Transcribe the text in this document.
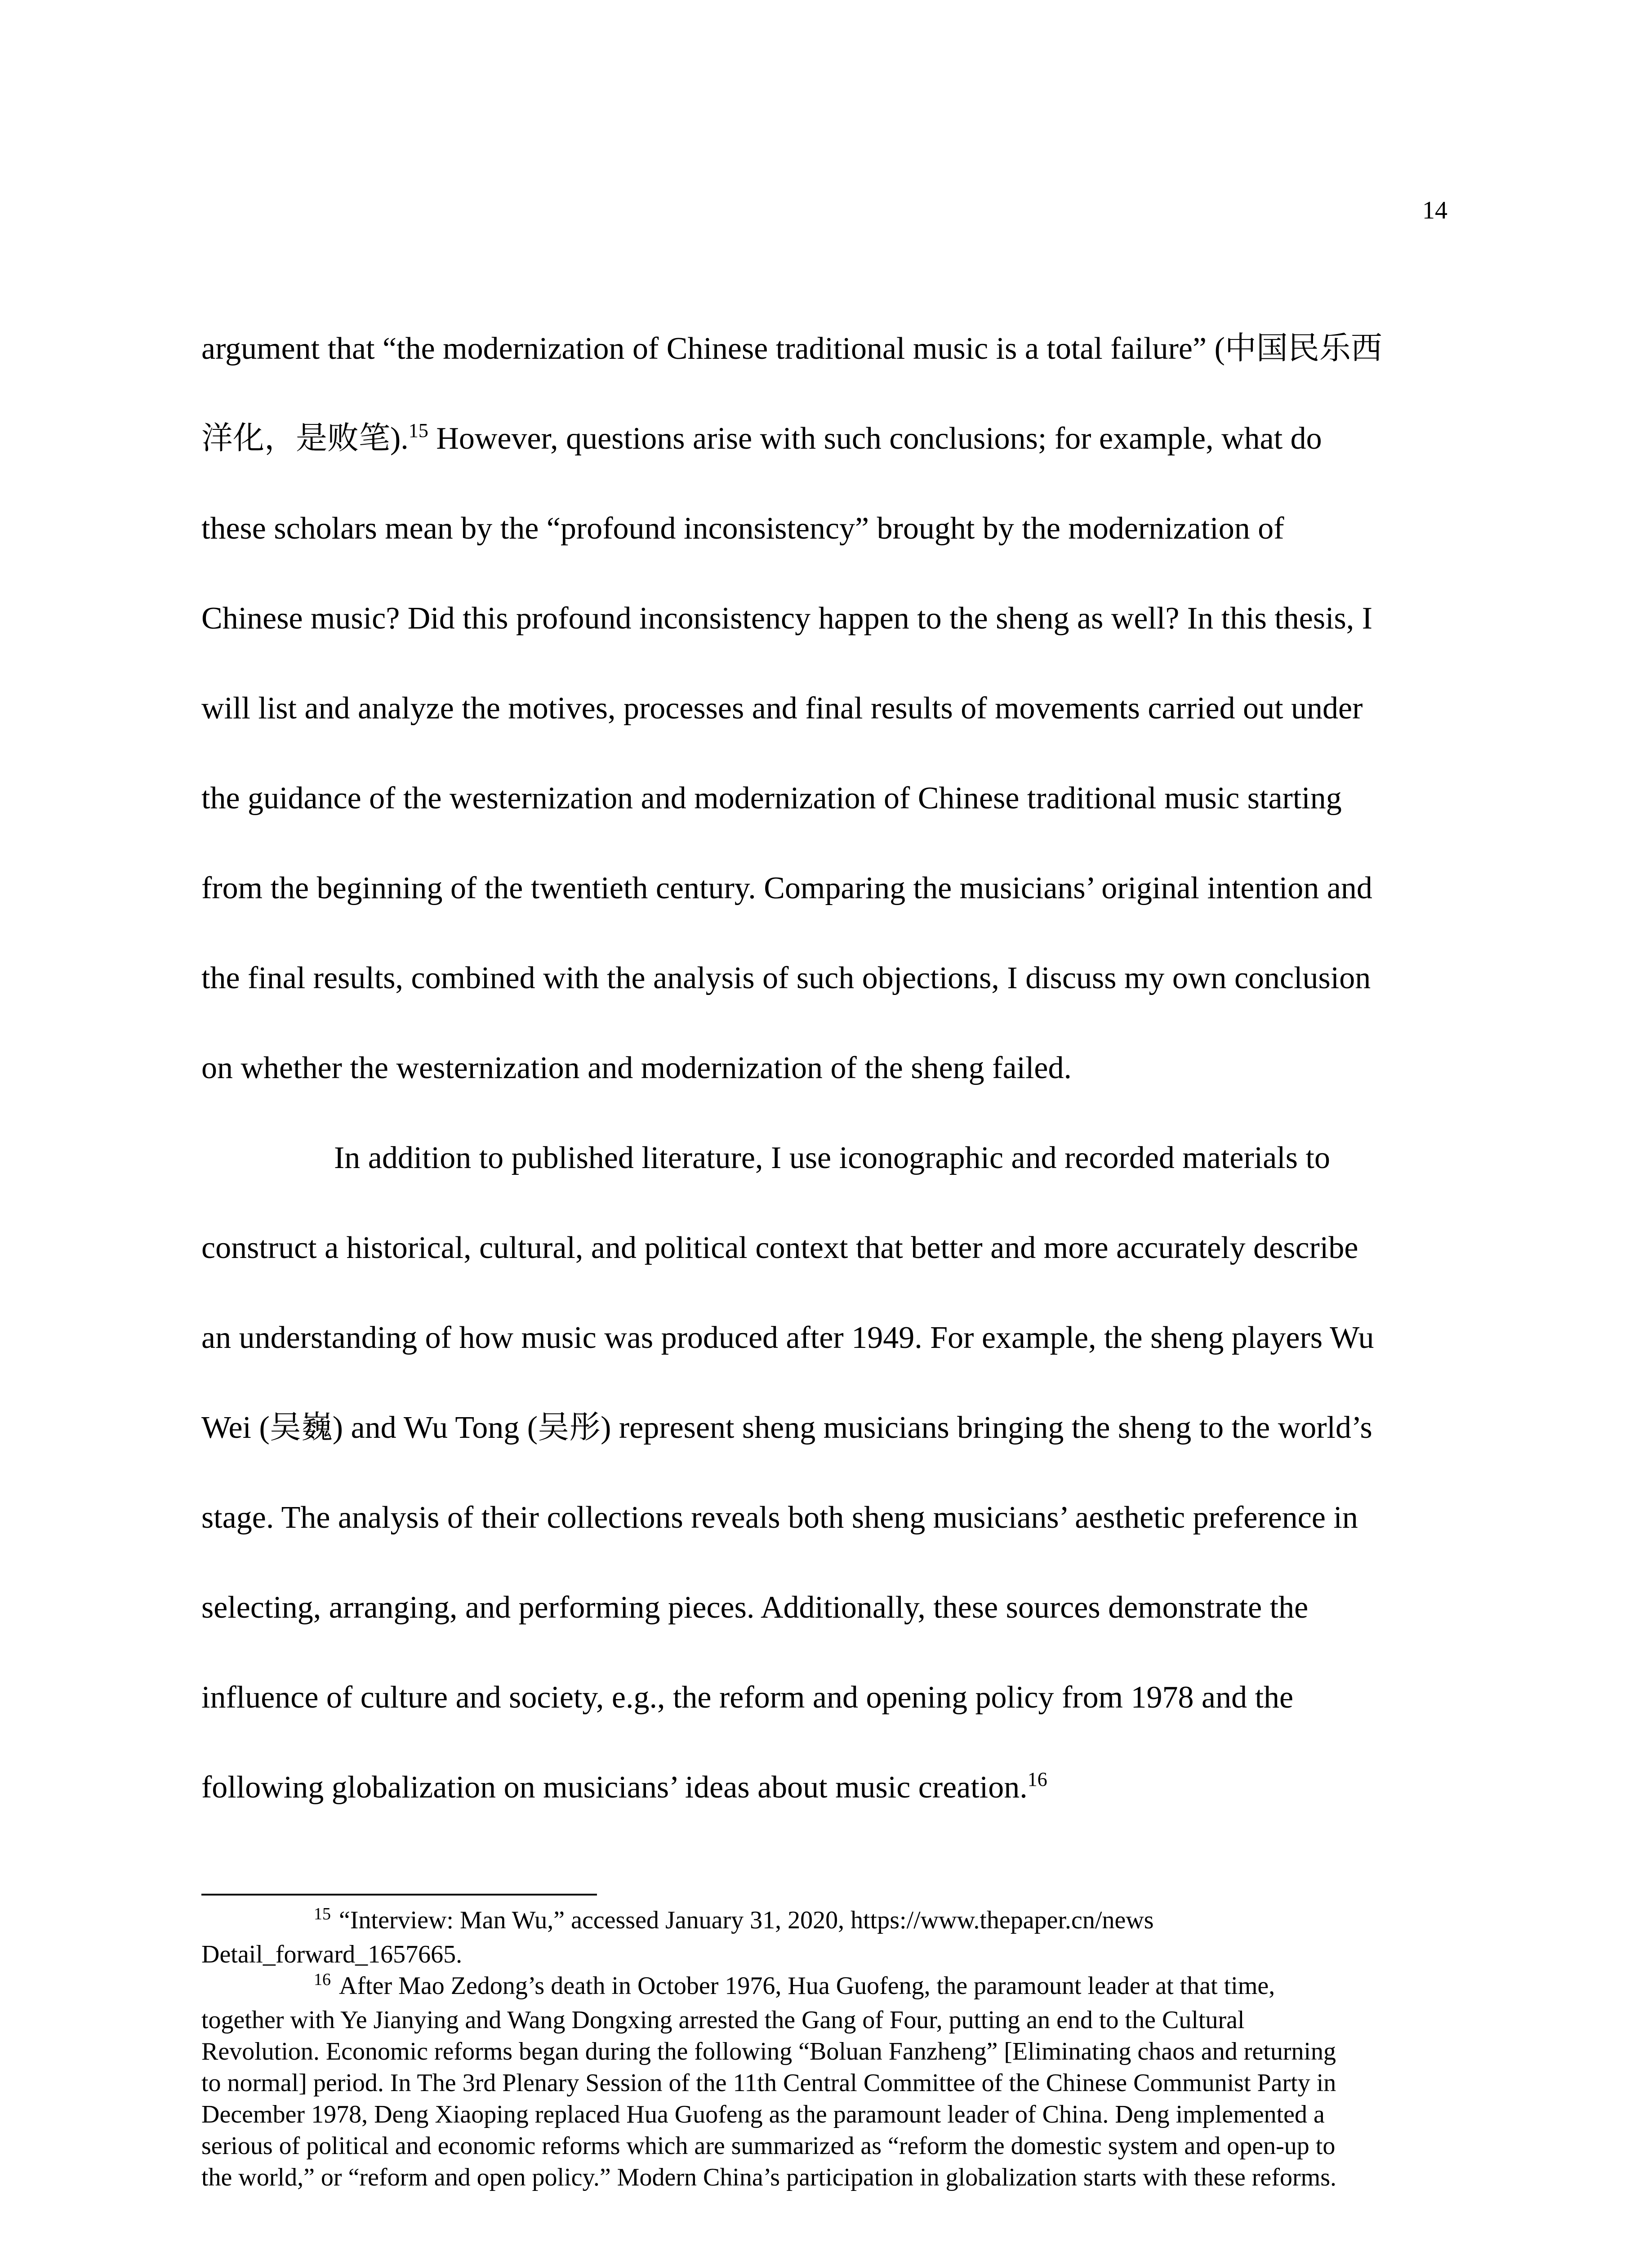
14

argument that “the modernization of Chinese traditional music is a total failure” (中国民乐西

洋化，是败笔).$^{15}$ However, questions arise with such conclusions; for example, what do

these scholars mean by the “profound inconsistency” brought by the modernization of

Chinese music? Did this profound inconsistency happen to the sheng as well? In this thesis, I

will list and analyze the motives, processes and final results of movements carried out under

the guidance of the westernization and modernization of Chinese traditional music starting

from the beginning of the twentieth century. Comparing the musicians’ original intention and

the final results, combined with the analysis of such objections, I discuss my own conclusion

on whether the westernization and modernization of the sheng failed.

In addition to published literature, I use iconographic and recorded materials to

construct a historical, cultural, and political context that better and more accurately describe

an understanding of how music was produced after 1949. For example, the sheng players Wu

Wei (吴巍) and Wu Tong (吴彤) represent sheng musicians bringing the sheng to the world’s

stage. The analysis of their collections reveals both sheng musicians’ aesthetic preference in

selecting, arranging, and performing pieces. Additionally, these sources demonstrate the

influence of culture and society, e.g., the reform and opening policy from 1978 and the

following globalization on musicians’ ideas about music creation.$^{16}$

$^{15}$ “Interview: Man Wu,” accessed January 31, 2020, https://www.thepaper.cn/news

Detail_forward_1657665.

$^{16}$ After Mao Zedong’s death in October 1976, Hua Guofeng, the paramount leader at that time,

together with Ye Jianying and Wang Dongxing arrested the Gang of Four, putting an end to the Cultural

Revolution. Economic reforms began during the following “Boluan Fanzheng” [Eliminating chaos and returning

to normal] period. In The 3rd Plenary Session of the 11th Central Committee of the Chinese Communist Party in

December 1978, Deng Xiaoping replaced Hua Guofeng as the paramount leader of China. Deng implemented a

serious of political and economic reforms which are summarized as “reform the domestic system and open-up to

the world,” or “reform and open policy.” Modern China’s participation in globalization starts with these reforms.
